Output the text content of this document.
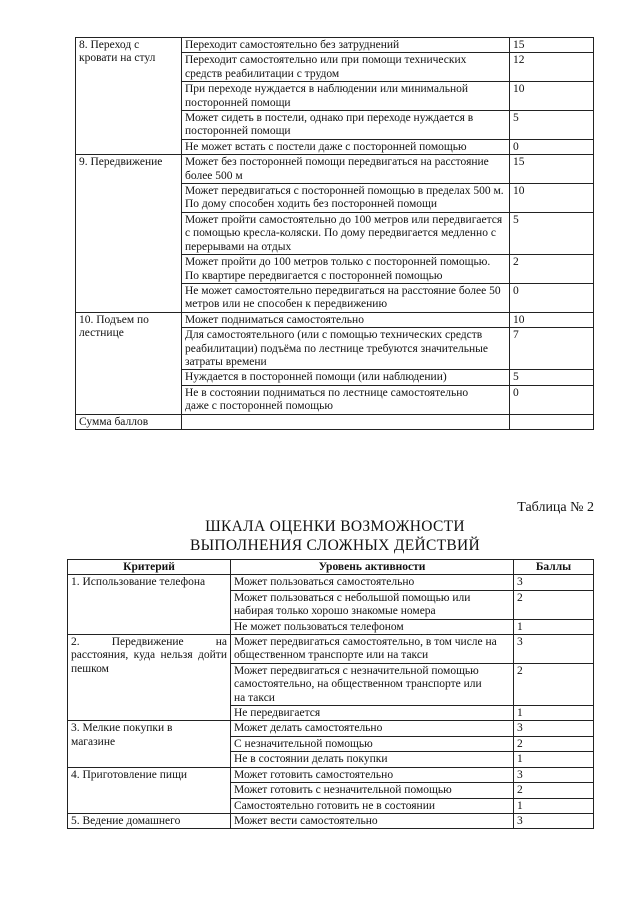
8. Переход с кровати на стул	Переходит самостоятельно без затруднений	15
	Переходит самостоятельно или при помощи технических средств реабилитации с трудом	12
	При переходе нуждается в наблюдении или минимальной посторонней помощи	10
	Может сидеть в постели, однако при переходе нуждается в посторонней помощи	5
	Не может встать с постели даже с посторонней помощью	0
9. Передвижение	Может без посторонней помощи передвигаться на расстояние более 500 м	15
	Может передвигаться с посторонней помощью в пределах 500 м. По дому способен ходить без посторонней помощи	10
	Может пройти самостоятельно до 100 метров или передвигается с помощью кресла-коляски. По дому передвигается медленно с перерывами на отдых	5
	Может пройти до 100 метров только с посторонней помощью. По квартире передвигается с посторонней помощью	2
	Не может самостоятельно передвигаться на расстояние более 50 метров или не способен к передвижению	0
10. Подъем по лестнице	Может подниматься самостоятельно	10
	Для самостоятельного (или с помощью технических средств реабилитации) подъёма по лестнице требуются значительные затраты времени	7
	Нуждается в посторонней помощи (или наблюдении)	5
	Не в состоянии подниматься по лестнице самостоятельно даже с посторонней помощью	0
Сумма баллов		
Таблица № 2
ШКАЛА ОЦЕНКИ ВОЗМОЖНОСТИ
ВЫПОЛНЕНИЯ СЛОЖНЫХ ДЕЙСТВИЙ
Критерий	Уровень активности	Баллы
1. Использование телефона	Может пользоваться самостоятельно	3
	Может пользоваться с небольшой помощью или набирая только хорошо знакомые номера	2
	Не может пользоваться телефоном	1
2. Передвижение на расстояния, куда нельзя дойти пешком	Может передвигаться самостоятельно, в том числе на общественном транспорте или на такси	3
	Может передвигаться с незначительной помощью самостоятельно, на общественном транспорте или на такси	2
	Не передвигается	1
3. Мелкие покупки в магазине	Может делать самостоятельно	3
	С незначительной помощью	2
	Не в состоянии делать покупки	1
4. Приготовление пищи	Может готовить самостоятельно	3
	Может готовить с незначительной помощью	2
	Самостоятельно готовить не в состоянии	1
5. Ведение домашнего	Может вести самостоятельно	3
